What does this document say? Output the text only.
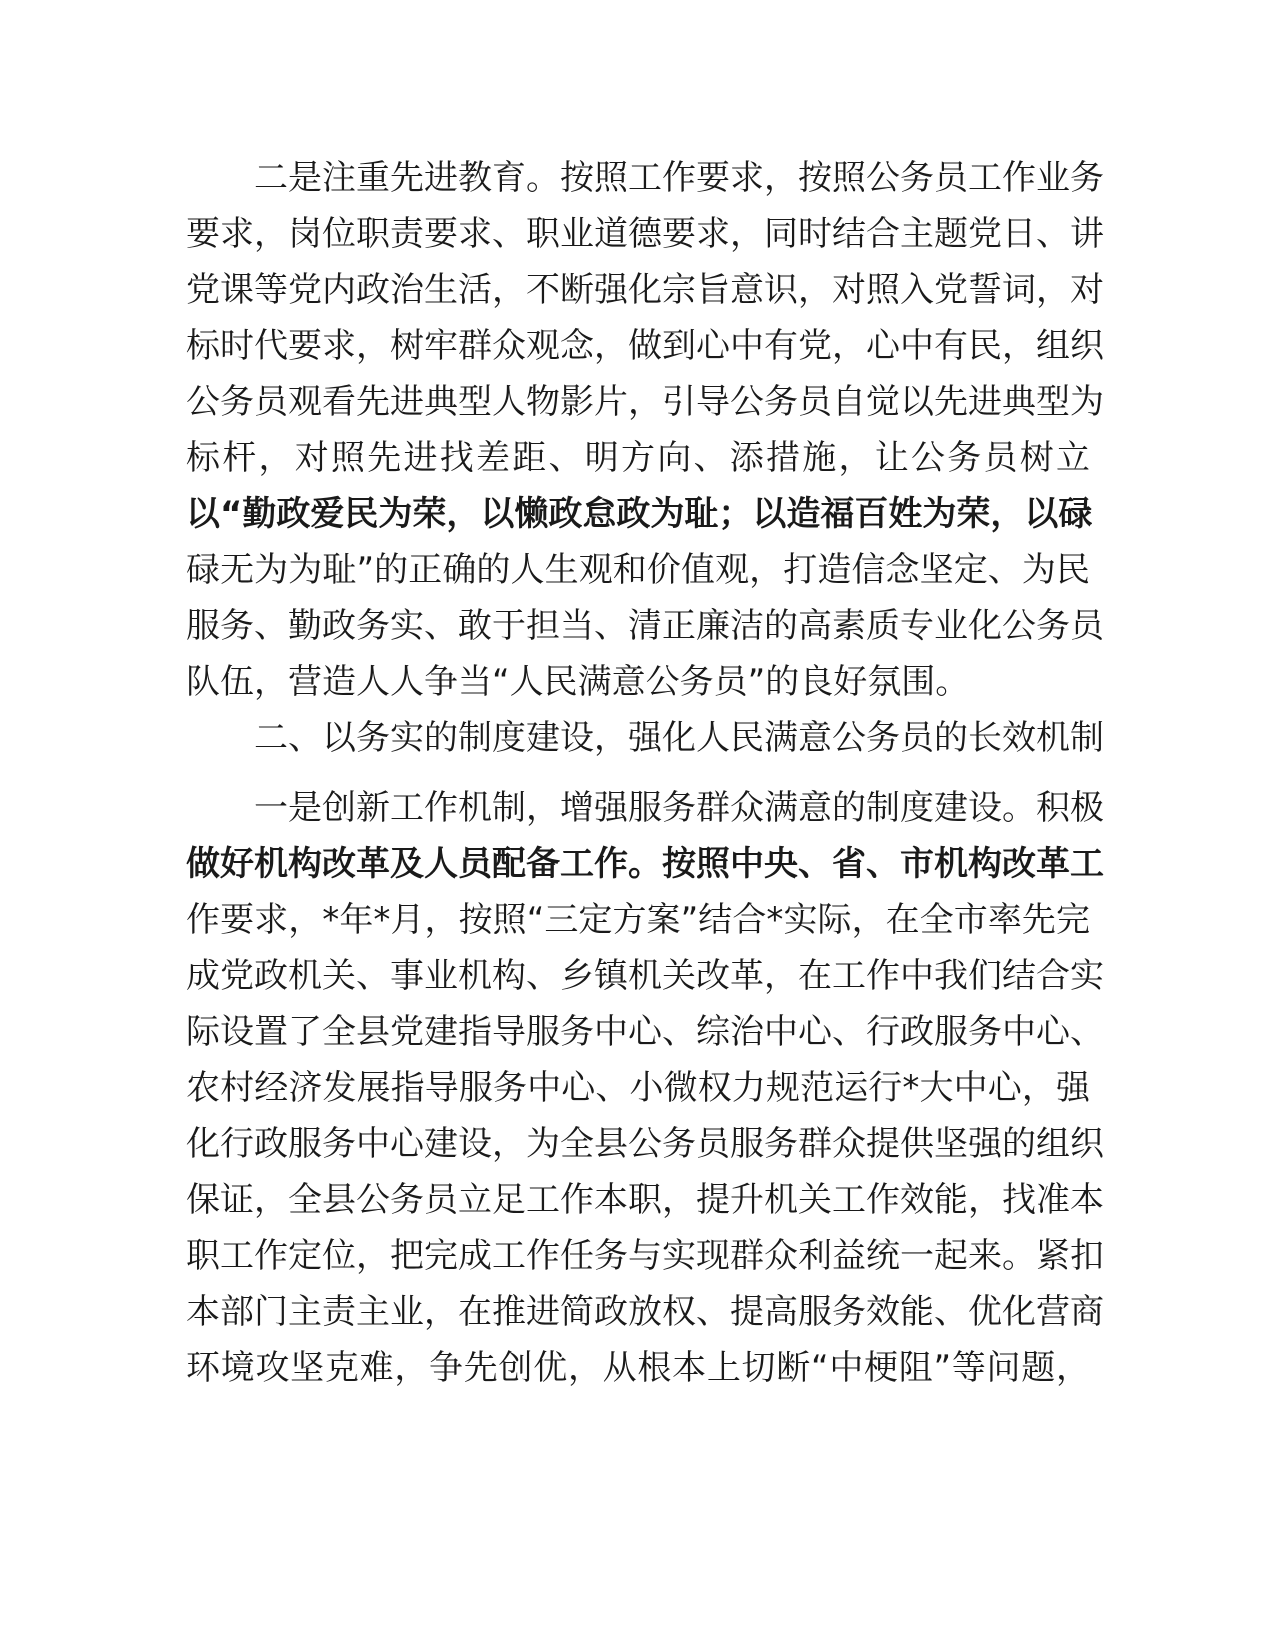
二是注重先进教育。按照工作要求，按照公务员工作业务
要求，岗位职责要求、职业道德要求，同时结合主题党日、讲
党课等党内政治生活，不断强化宗旨意识，对照入党誓词，对
标时代要求，树牢群众观念，做到心中有党，心中有民，组织
公务员观看先进典型人物影片，引导公务员自觉以先进典型为
标杆，对照先进找差距、明方向、添措施，让公务员树立
以“勤政爱民为荣，以懒政怠政为耻；以造福百姓为荣，以碌
碌无为为耻”的正确的人生观和价值观，打造信念坚定、为民
服务、勤政务实、敢于担当、清正廉洁的高素质专业化公务员
队伍，营造人人争当“人民满意公务员”的良好氛围。
二、以务实的制度建设，强化人民满意公务员的长效机制
一是创新工作机制，增强服务群众满意的制度建设。积极
做好机构改革及人员配备工作。按照中央、省、市机构改革工
作要求，*年*月，按照“三定方案”结合*实际，在全市率先完
成党政机关、事业机构、乡镇机关改革，在工作中我们结合实
际设置了全县党建指导服务中心、综治中心、行政服务中心、
农村经济发展指导服务中心、小微权力规范运行*大中心，强
化行政服务中心建设，为全县公务员服务群众提供坚强的组织
保证，全县公务员立足工作本职，提升机关工作效能，找准本
职工作定位，把完成工作任务与实现群众利益统一起来。紧扣
本部门主责主业，在推进简政放权、提高服务效能、优化营商
环境攻坚克难，争先创优，从根本上切断“中梗阻”等问题，
